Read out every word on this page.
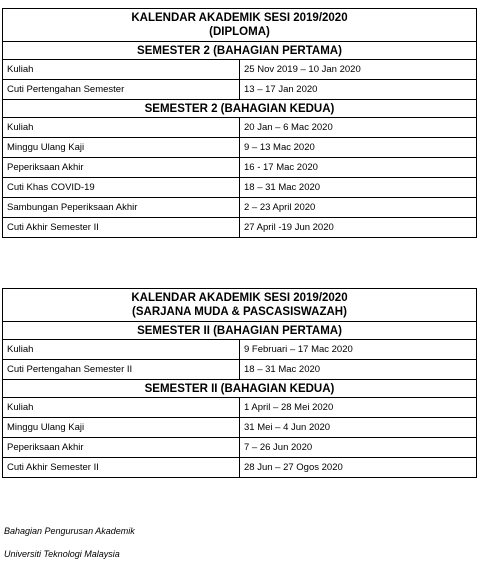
KALENDAR AKADEMIK SESI 2019/2020
(DIPLOMA)	

SEMESTER 2 (BAHAGIAN PERTAMA)	
Kuliah	25 Nov 2019 – 10 Jan 2020
Cuti Pertengahan Semester	13 – 17 Jan 2020
SEMESTER 2 (BAHAGIAN KEDUA)	
Kuliah	20 Jan – 6 Mac 2020
Minggu Ulang Kaji	9 – 13 Mac 2020
Peperiksaan Akhir	16 - 17 Mac 2020
Cuti Khas COVID-19	18 – 31 Mac 2020
Sambungan Peperiksaan Akhir	2 – 23 April 2020
Cuti Akhir Semester II	27 April -19 Jun 2020
KALENDAR AKADEMIK SESI 2019/2020
(SARJANA MUDA & PASCASISWAZAH)	

SEMESTER II (BAHAGIAN PERTAMA)	
Kuliah	9 Februari – 17 Mac 2020
Cuti Pertengahan Semester II	18 – 31 Mac 2020
SEMESTER II (BAHAGIAN KEDUA)	
Kuliah	1 April – 28 Mei 2020
Minggu Ulang Kaji	31 Mei – 4 Jun 2020
Peperiksaan Akhir	7 – 26 Jun 2020
Cuti Akhir Semester II	28 Jun – 27 Ogos 2020
Bahagian Pengurusan Akademik
Universiti Teknologi Malaysia
